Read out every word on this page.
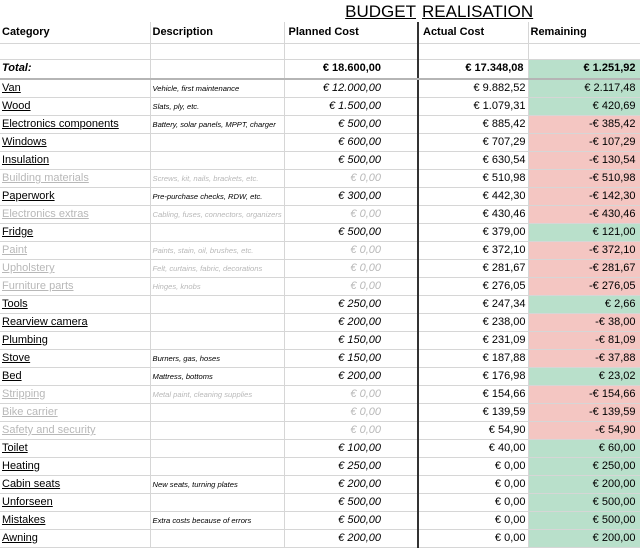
BUDGET REALISATION
Category	Description	Planned Cost	Actual Cost	Remaining

Total:		€ 18.600,00	€ 17.348,08	€ 1.251,92
Van	Vehicle, first maintenance	€ 12.000,00	€ 9.882,52	€ 2.117,48
Wood	Slats, ply, etc.	€ 1.500,00	€ 1.079,31	€ 420,69
Electronics components	Battery, solar panels, MPPT, charger	€ 500,00	€ 885,42	-€ 385,42
Windows		€ 600,00	€ 707,29	-€ 107,29
Insulation		€ 500,00	€ 630,54	-€ 130,54
Building materials	Screws, kit, nails, brackets, etc.	€ 0,00	€ 510,98	-€ 510,98
Paperwork	Pre-purchase checks, RDW, etc.	€ 300,00	€ 442,30	-€ 142,30
Electronics extras	Cabling, fuses, connectors, organizers	€ 0,00	€ 430,46	-€ 430,46
Fridge		€ 500,00	€ 379,00	€ 121,00
Paint	Paints, stain, oil, brushes, etc.	€ 0,00	€ 372,10	-€ 372,10
Upholstery	Felt, curtains, fabric, decorations	€ 0,00	€ 281,67	-€ 281,67
Furniture parts	Hinges, knobs	€ 0,00	€ 276,05	-€ 276,05
Tools		€ 250,00	€ 247,34	€ 2,66
Rearview camera		€ 200,00	€ 238,00	-€ 38,00
Plumbing		€ 150,00	€ 231,09	-€ 81,09
Stove	Burners, gas, hoses	€ 150,00	€ 187,88	-€ 37,88
Bed	Mattress, bottoms	€ 200,00	€ 176,98	€ 23,02
Stripping	Metal paint, cleaning supplies	€ 0,00	€ 154,66	-€ 154,66
Bike carrier		€ 0,00	€ 139,59	-€ 139,59
Safety and security		€ 0,00	€ 54,90	-€ 54,90
Toilet		€ 100,00	€ 40,00	€ 60,00
Heating		€ 250,00	€ 0,00	€ 250,00
Cabin seats	New seats, turning plates	€ 200,00	€ 0,00	€ 200,00
Unforseen		€ 500,00	€ 0,00	€ 500,00
Mistakes	Extra costs because of errors	€ 500,00	€ 0,00	€ 500,00
Awning		€ 200,00	€ 0,00	€ 200,00
